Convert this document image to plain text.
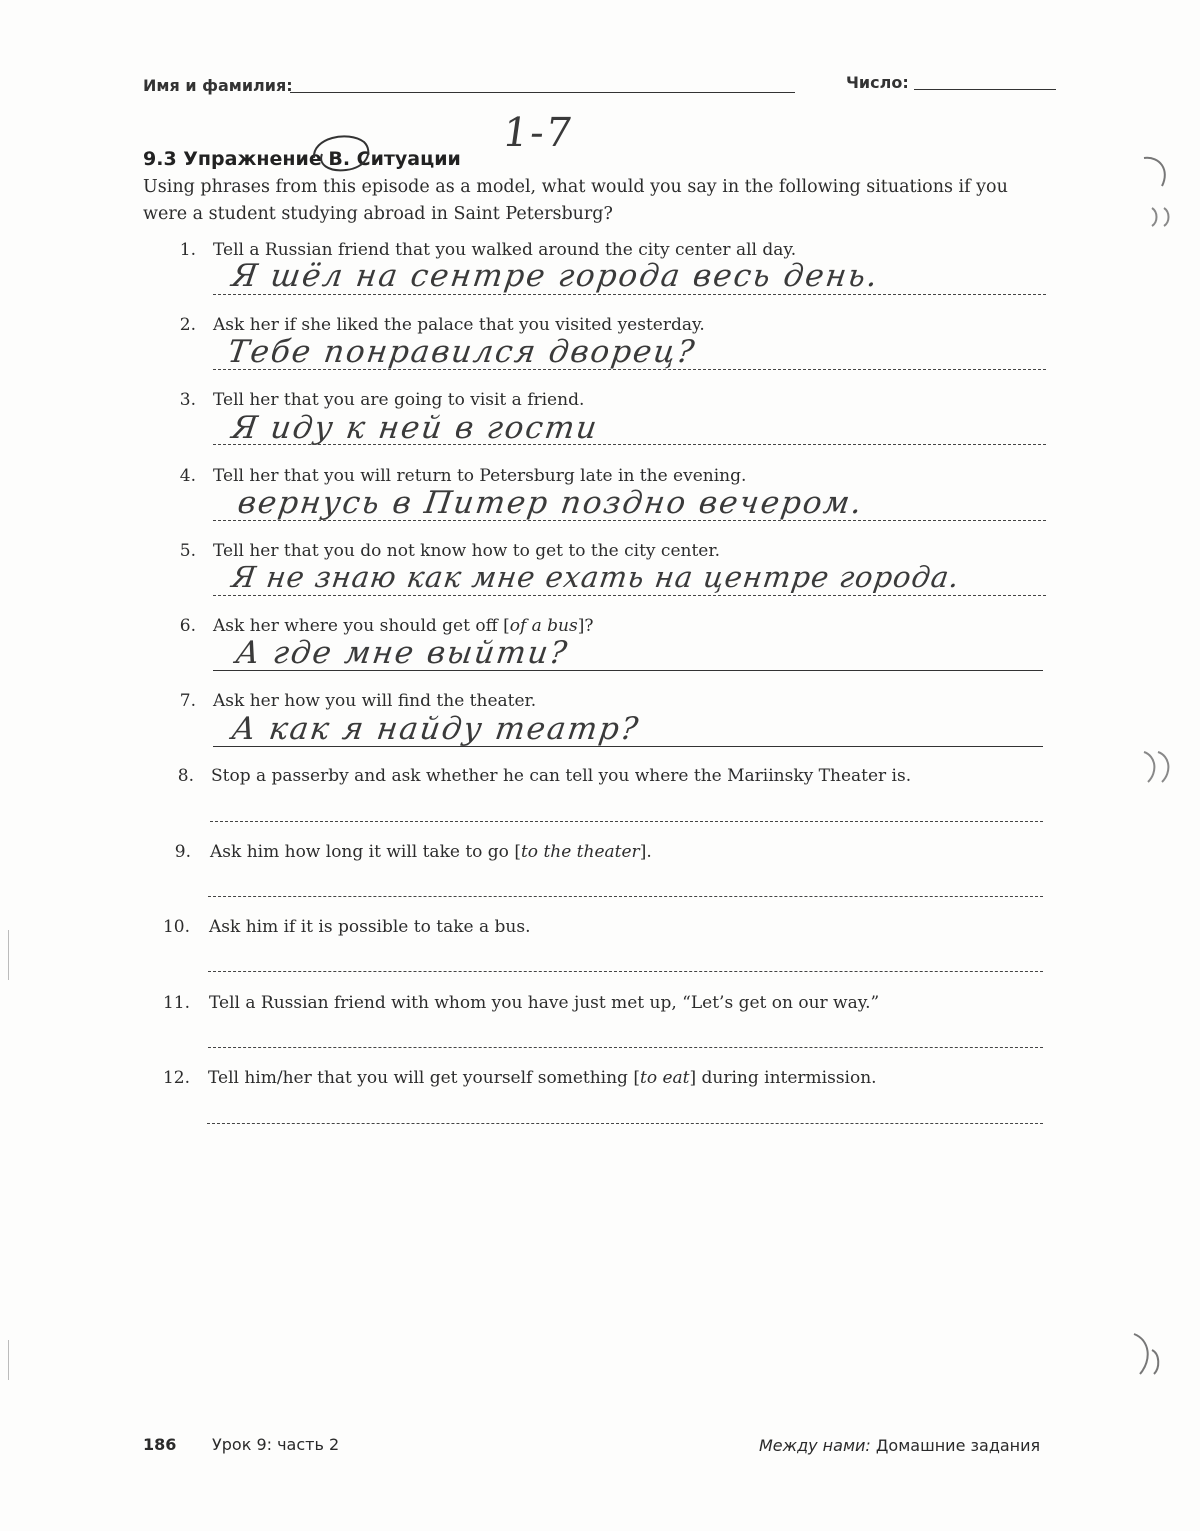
Имя и фамилия:	Число:
9.3 Упражнение В. Ситуации
1-7
Using phrases from this episode as a model, what would you say in the following situations if you were a student studying abroad in Saint Petersburg?
1. Tell a Russian friend that you walked around the city center all day.
Я шёл на сентре города весь день.
2. Ask her if she liked the palace that you visited yesterday.
Тебе понравился дворец?
3. Tell her that you are going to visit a friend.
Я иду к ней в гости
4. Tell her that you will return to Petersburg late in the evening.
вернусь в Питер поздно вечером.
5. Tell her that you do not know how to get to the city center.
Я не знаю как мне ехать на центре города.
6. Ask her where you should get off [of a bus]?
А где мне выйти?
7. Ask her how you will find the theater.
А как я найду театр?
8. Stop a passerby and ask whether he can tell you where the Mariinsky Theater is.
9. Ask him how long it will take to go [to the theater].
10. Ask him if it is possible to take a bus.
11. Tell a Russian friend with whom you have just met up, “Let’s get on our way.”
12. Tell him/her that you will get yourself something [to eat] during intermission.
186 Урок 9: часть 2	Между нами: Домашние задания
